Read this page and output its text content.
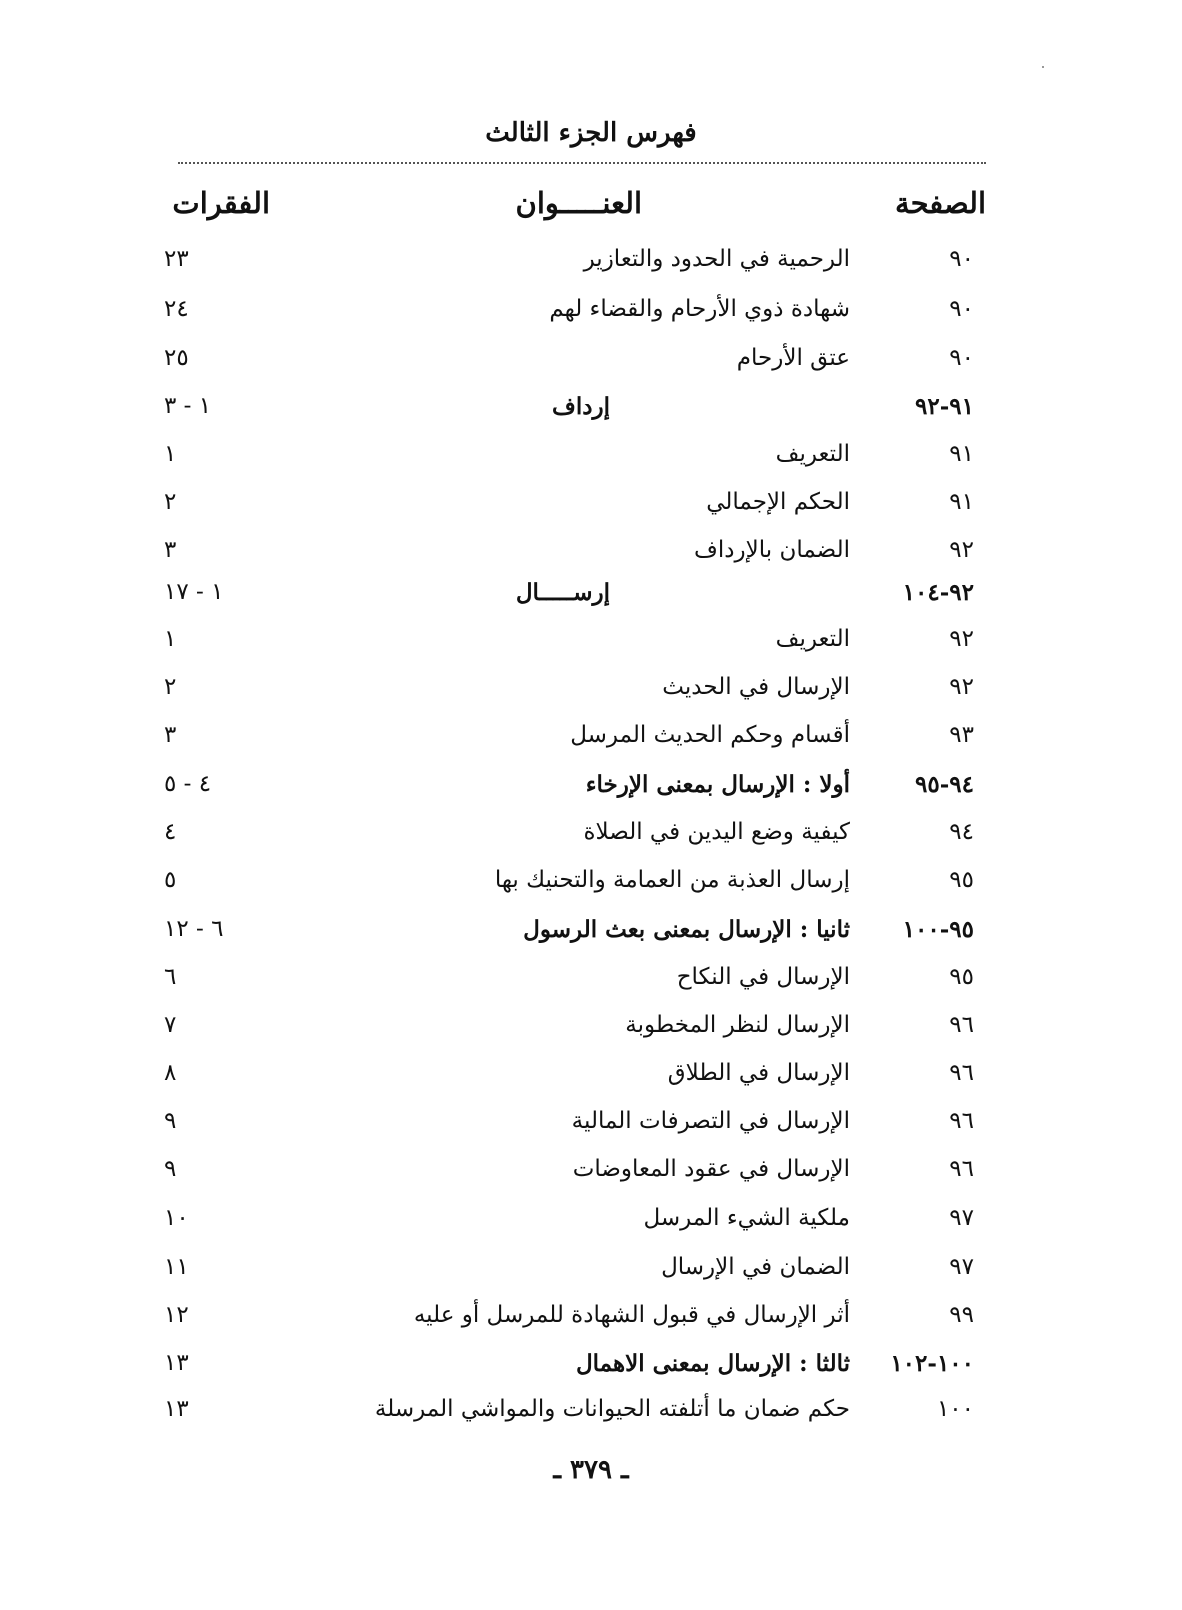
فهرس الجزء الثالث
الصفحة
العنـــــوان
الفقرات
٩٠
الرحمية في الحدود والتعازير
٢٣
٩٠
شهادة ذوي الأرحام والقضاء لهم
٢٤
٩٠
عتق الأرحام
٢٥
٩١-٩٢
إرداف
١ - ٣
٩١
التعريف
١
٩١
الحكم الإجمالي
٢
٩٢
الضمان بالإرداف
٣
٩٢-١٠٤
إرســـــال
١ - ١٧
٩٢
التعريف
١
٩٢
الإرسال في الحديث
٢
٩٣
أقسام وحكم الحديث المرسل
٣
٩٤-٩٥
أولا : الإرسال بمعنى الإرخاء
٤ - ٥
٩٤
كيفية وضع اليدين في الصلاة
٤
٩٥
إرسال العذبة من العمامة والتحنيك بها
٥
٩٥-١٠٠
ثانيا : الإرسال بمعنى بعث الرسول
٦ - ١٢
٩٥
الإرسال في النكاح
٦
٩٦
الإرسال لنظر المخطوبة
٧
٩٦
الإرسال في الطلاق
٨
٩٦
الإرسال في التصرفات المالية
٩
٩٦
الإرسال في عقود المعاوضات
٩
٩٧
ملكية الشيء المرسل
١٠
٩٧
الضمان في الإرسال
١١
٩٩
أثر الإرسال في قبول الشهادة للمرسل أو عليه
١٢
١٠٠-١٠٢
ثالثا : الإرسال بمعنى الاهمال
١٣
١٠٠
حكم ضمان ما أتلفته الحيوانات والمواشي المرسلة
١٣
ـ ٣٧٩ ـ
